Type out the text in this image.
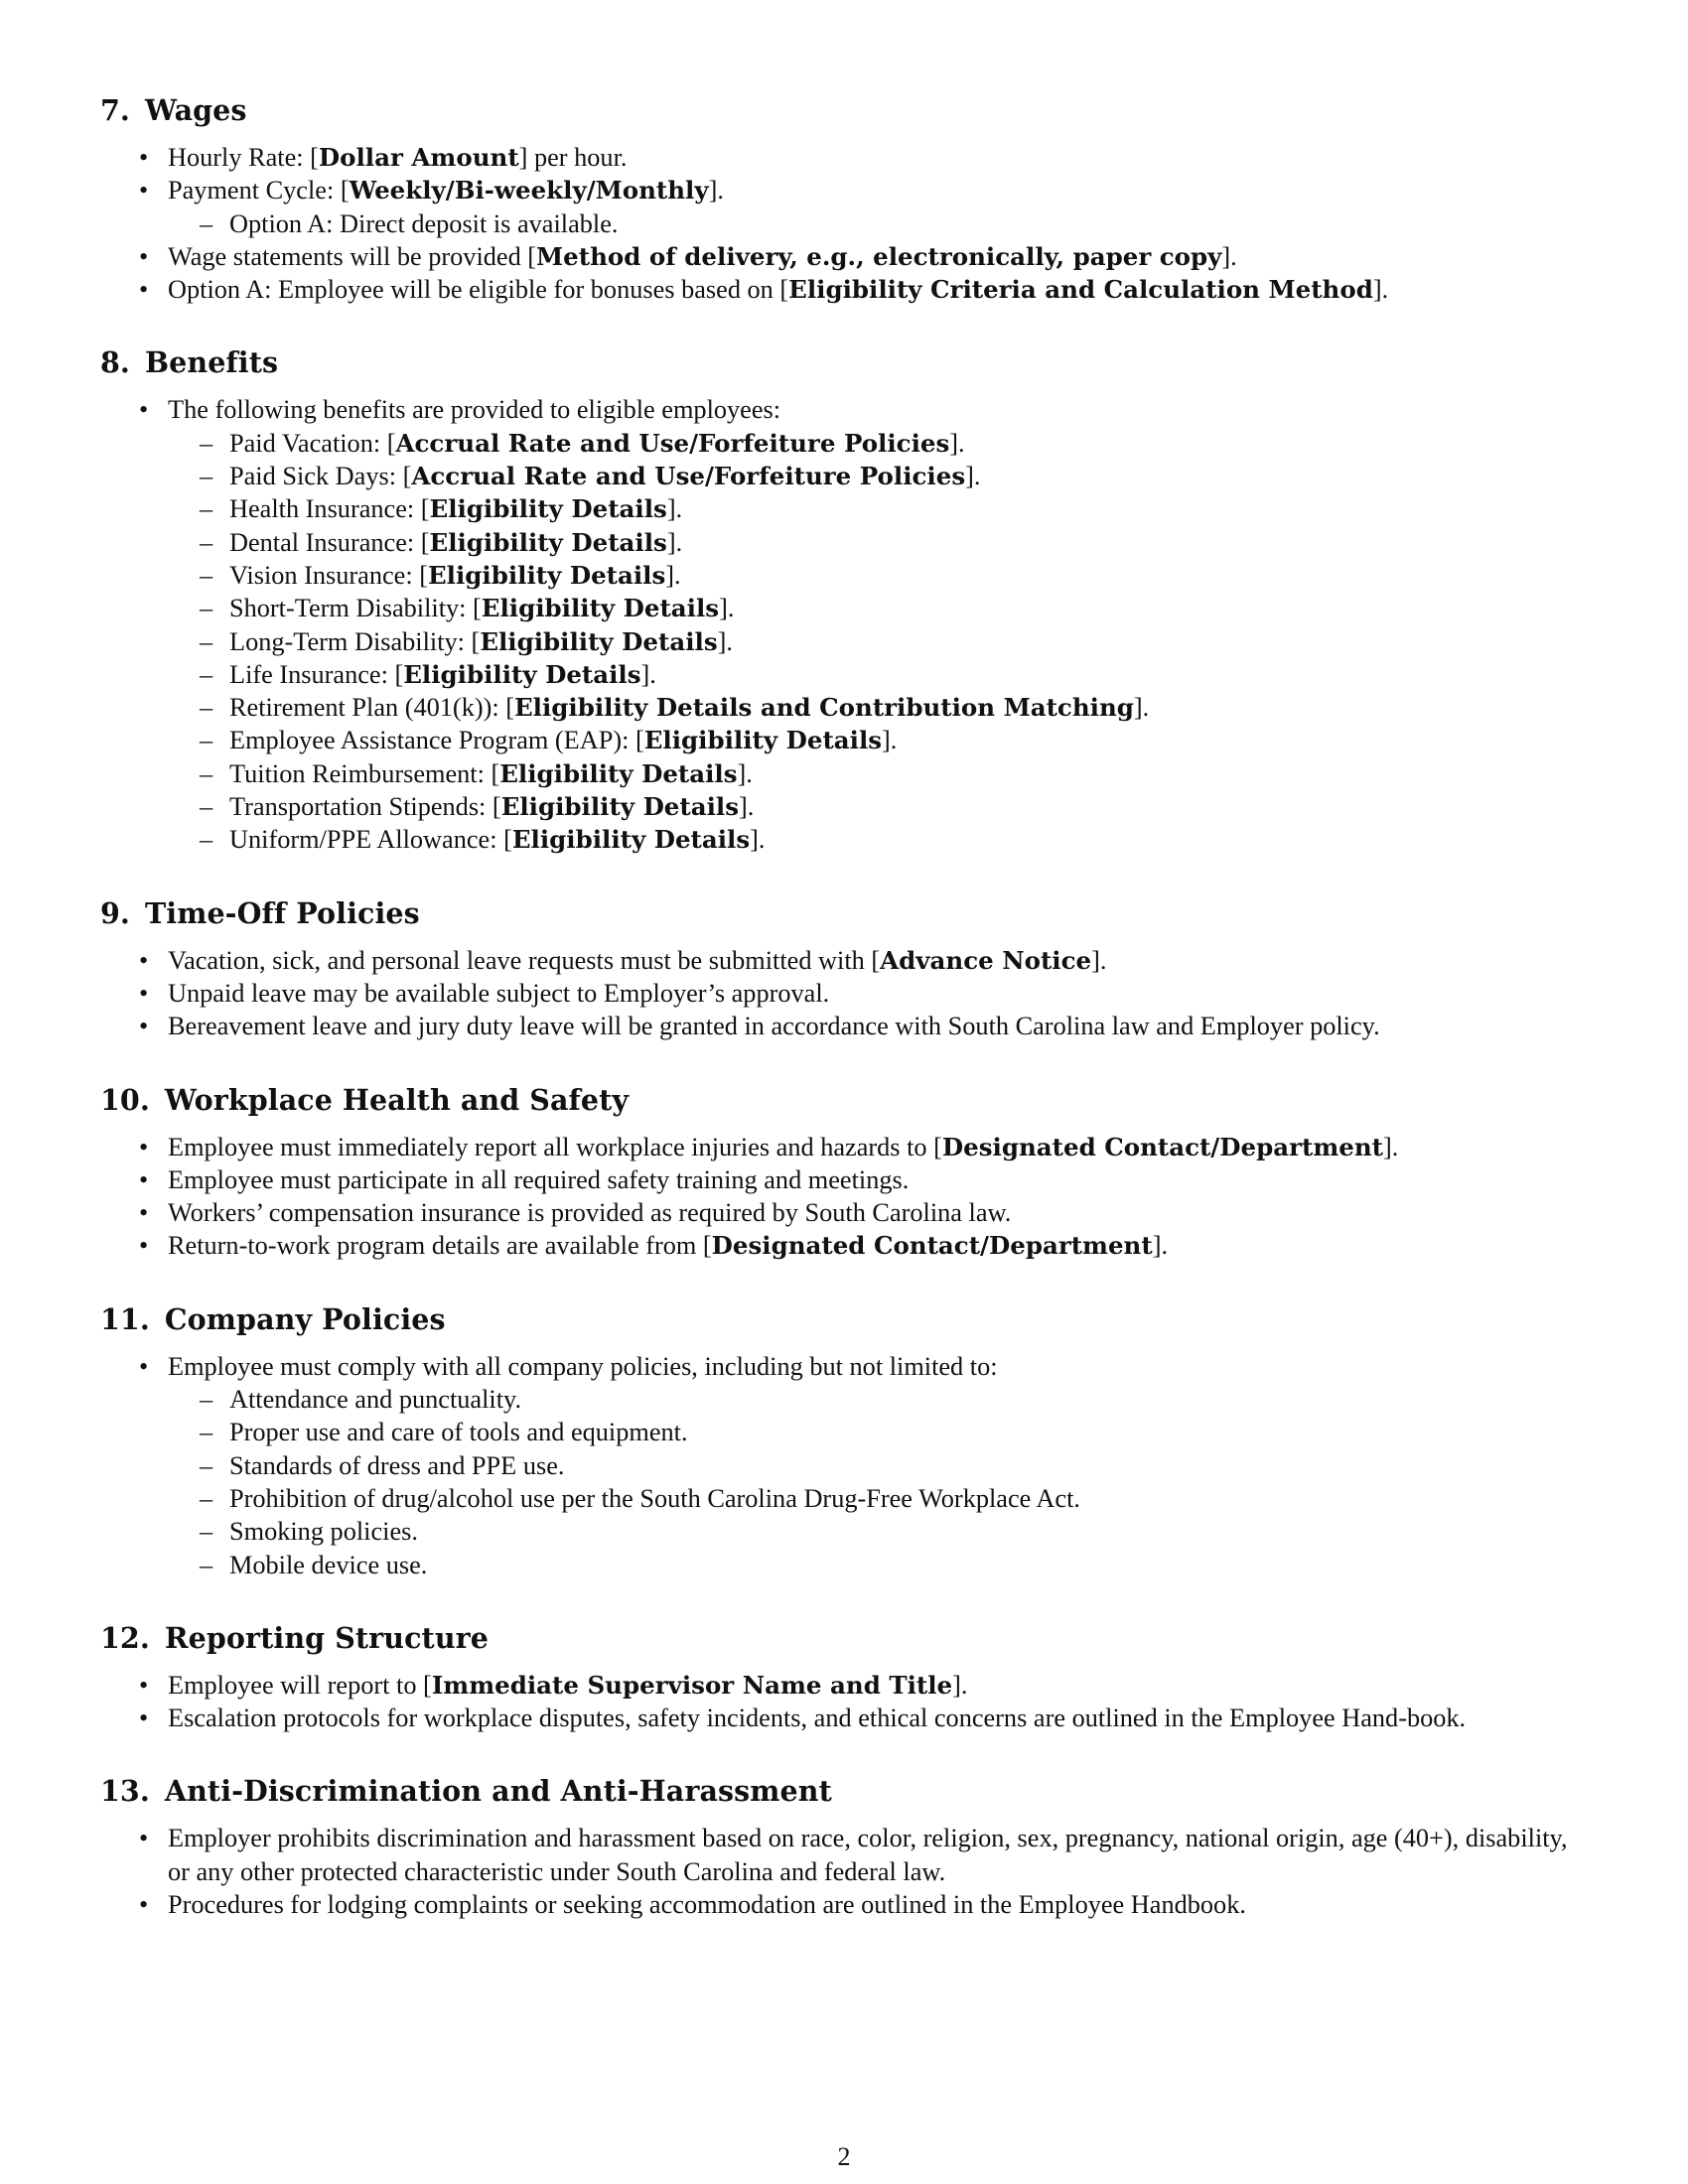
7. Wages
• Hourly Rate: [Dollar Amount] per hour.
• Payment Cycle: [Weekly/Bi-weekly/Monthly].
– Option A: Direct deposit is available.
• Wage statements will be provided [Method of delivery, e.g., electronically, paper copy].
• Option A: Employee will be eligible for bonuses based on [Eligibility Criteria and Calculation Method].
8. Benefits
• The following benefits are provided to eligible employees:
– Paid Vacation: [Accrual Rate and Use/Forfeiture Policies].
– Paid Sick Days: [Accrual Rate and Use/Forfeiture Policies].
– Health Insurance: [Eligibility Details].
– Dental Insurance: [Eligibility Details].
– Vision Insurance: [Eligibility Details].
– Short-Term Disability: [Eligibility Details].
– Long-Term Disability: [Eligibility Details].
– Life Insurance: [Eligibility Details].
– Retirement Plan (401(k)): [Eligibility Details and Contribution Matching].
– Employee Assistance Program (EAP): [Eligibility Details].
– Tuition Reimbursement: [Eligibility Details].
– Transportation Stipends: [Eligibility Details].
– Uniform/PPE Allowance: [Eligibility Details].
9. Time-Off Policies
• Vacation, sick, and personal leave requests must be submitted with [Advance Notice].
• Unpaid leave may be available subject to Employer’s approval.
• Bereavement leave and jury duty leave will be granted in accordance with South Carolina law and Employer policy.
10. Workplace Health and Safety
• Employee must immediately report all workplace injuries and hazards to [Designated Contact/Department].
• Employee must participate in all required safety training and meetings.
• Workers’ compensation insurance is provided as required by South Carolina law.
• Return-to-work program details are available from [Designated Contact/Department].
11. Company Policies
• Employee must comply with all company policies, including but not limited to:
– Attendance and punctuality.
– Proper use and care of tools and equipment.
– Standards of dress and PPE use.
– Prohibition of drug/alcohol use per the South Carolina Drug-Free Workplace Act.
– Smoking policies.
– Mobile device use.
12. Reporting Structure
• Employee will report to [Immediate Supervisor Name and Title].
• Escalation protocols for workplace disputes, safety incidents, and ethical concerns are outlined in the Employee Hand-book.
13. Anti-Discrimination and Anti-Harassment
• Employer prohibits discrimination and harassment based on race, color, religion, sex, pregnancy, national origin, age (40+), disability, or any other protected characteristic under South Carolina and federal law.
• Procedures for lodging complaints or seeking accommodation are outlined in the Employee Handbook.
2
